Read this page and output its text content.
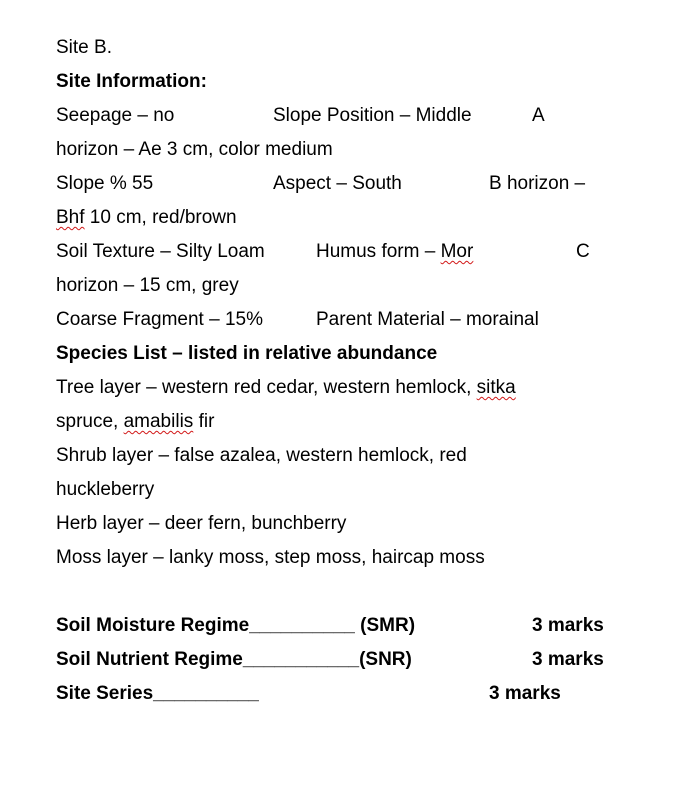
Site B.
Site Information:
Seepage – no	Slope Position – Middle	A
horizon – Ae 3 cm, color medium
Slope % 55	Aspect – South	B horizon –
Bhf 10 cm, red/brown
Soil Texture – Silty Loam	Humus form – Mor	C
horizon – 15 cm, grey
Coarse Fragment – 15%	Parent Material – morainal
Species List – listed in relative abundance
Tree layer – western red cedar, western hemlock, sitka
spruce, amabilis fir
Shrub layer – false azalea, western hemlock, red
huckleberry
Herb layer – deer fern, bunchberry
Moss layer – lanky moss, step moss, haircap moss
Soil Moisture Regime__________ (SMR)	3 marks
Soil Nutrient Regime___________(SNR)	3 marks
Site Series__________	3 marks
